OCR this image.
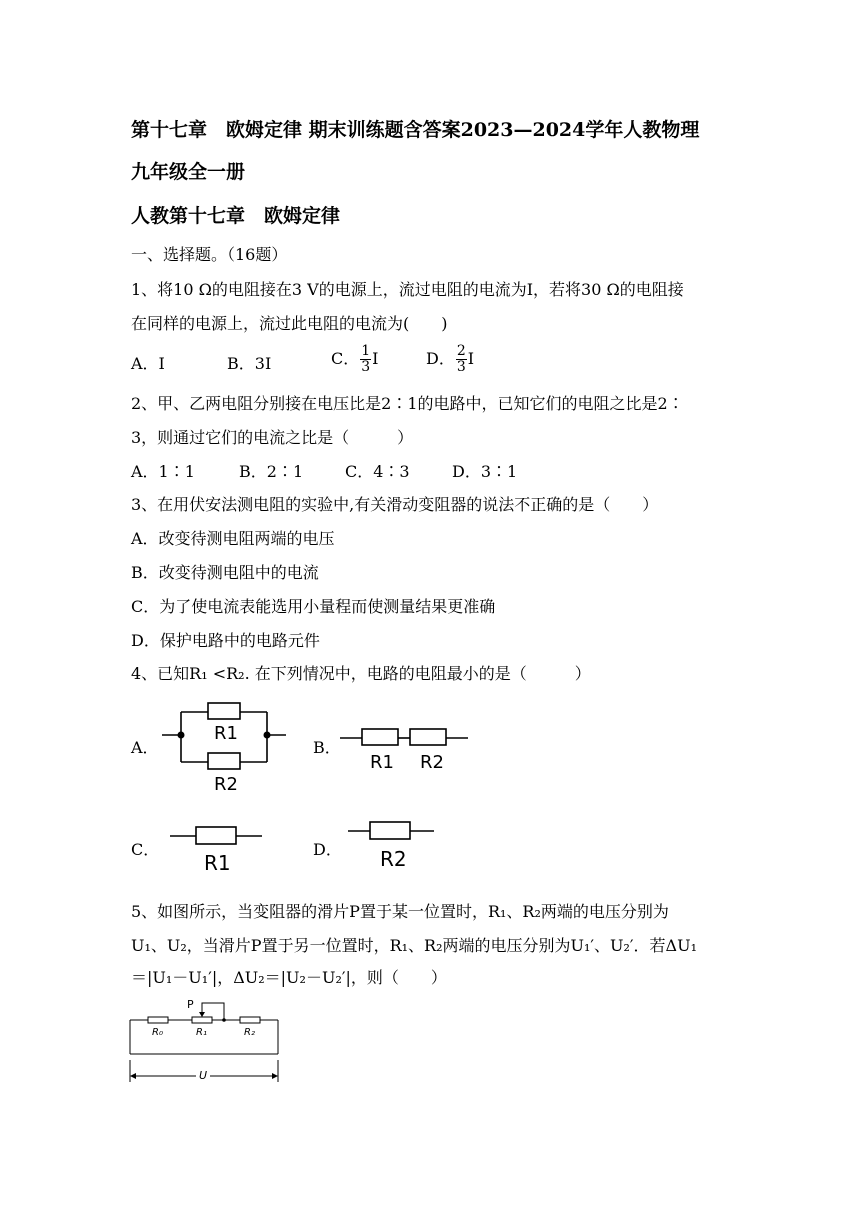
第十七章　欧姆定律 期末训练题含答案2023—2024学年人教物理
九年级全一册
人教第十七章　欧姆定律
一、选择题。（16题）
1、将10 Ω的电阻接在3 V的电源上，流过电阻的电流为I，若将30 Ω的电阻接
在同样的电源上，流过此电阻的电流为(　　)
A．I	B．3I	C． $\frac{1}{3}$ I	D． $\frac{2}{3}$ I
2、甲、乙两电阻分别接在电压比是2∶1的电路中，已知它们的电阻之比是2∶
3，则通过它们的电流之比是（　　　）
A．1∶1	B．2∶1	C．4∶3	D．3∶1
3、在用伏安法测电阻的实验中,有关滑动变阻器的说法不正确的是（　　）
A．改变待测电阻两端的电压
B．改变待测电阻中的电流
C．为了使电流表能选用小量程而使测量结果更准确
D．保护电路中的电路元件
4、已知R₁ <R₂. 在下列情况中，电路的电阻最小的是（　　　）
A．
R1
R2
B．
R1 R2
C．
R1
D． R2
5、如图所示，当变阻器的滑片P置于某一位置时，R₁、R₂两端的电压分别为
U₁、U₂，当滑片P置于另一位置时，R₁、R₂两端的电压分别为U₁′、U₂′．若ΔU₁
＝|U₁－U₁′|，ΔU₂＝|U₂－U₂′|，则（　　）
P
R₀	R₁	R₂
U
